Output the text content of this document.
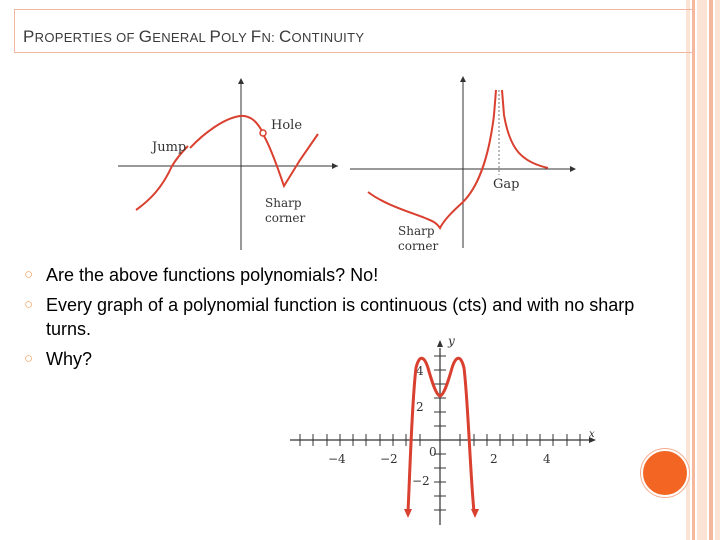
PROPERTIES OF GENERAL POLY FN: CONTINUITY
Jump
Hole
Sharp
corner
Gap
Sharp
corner
○ Are the above functions polynomials? No!
○ Every graph of a polynomial function is continuous (cts) and with no sharp turns.
○ Why?
−4	−2	0	2	4
4
2
−2
x
y
